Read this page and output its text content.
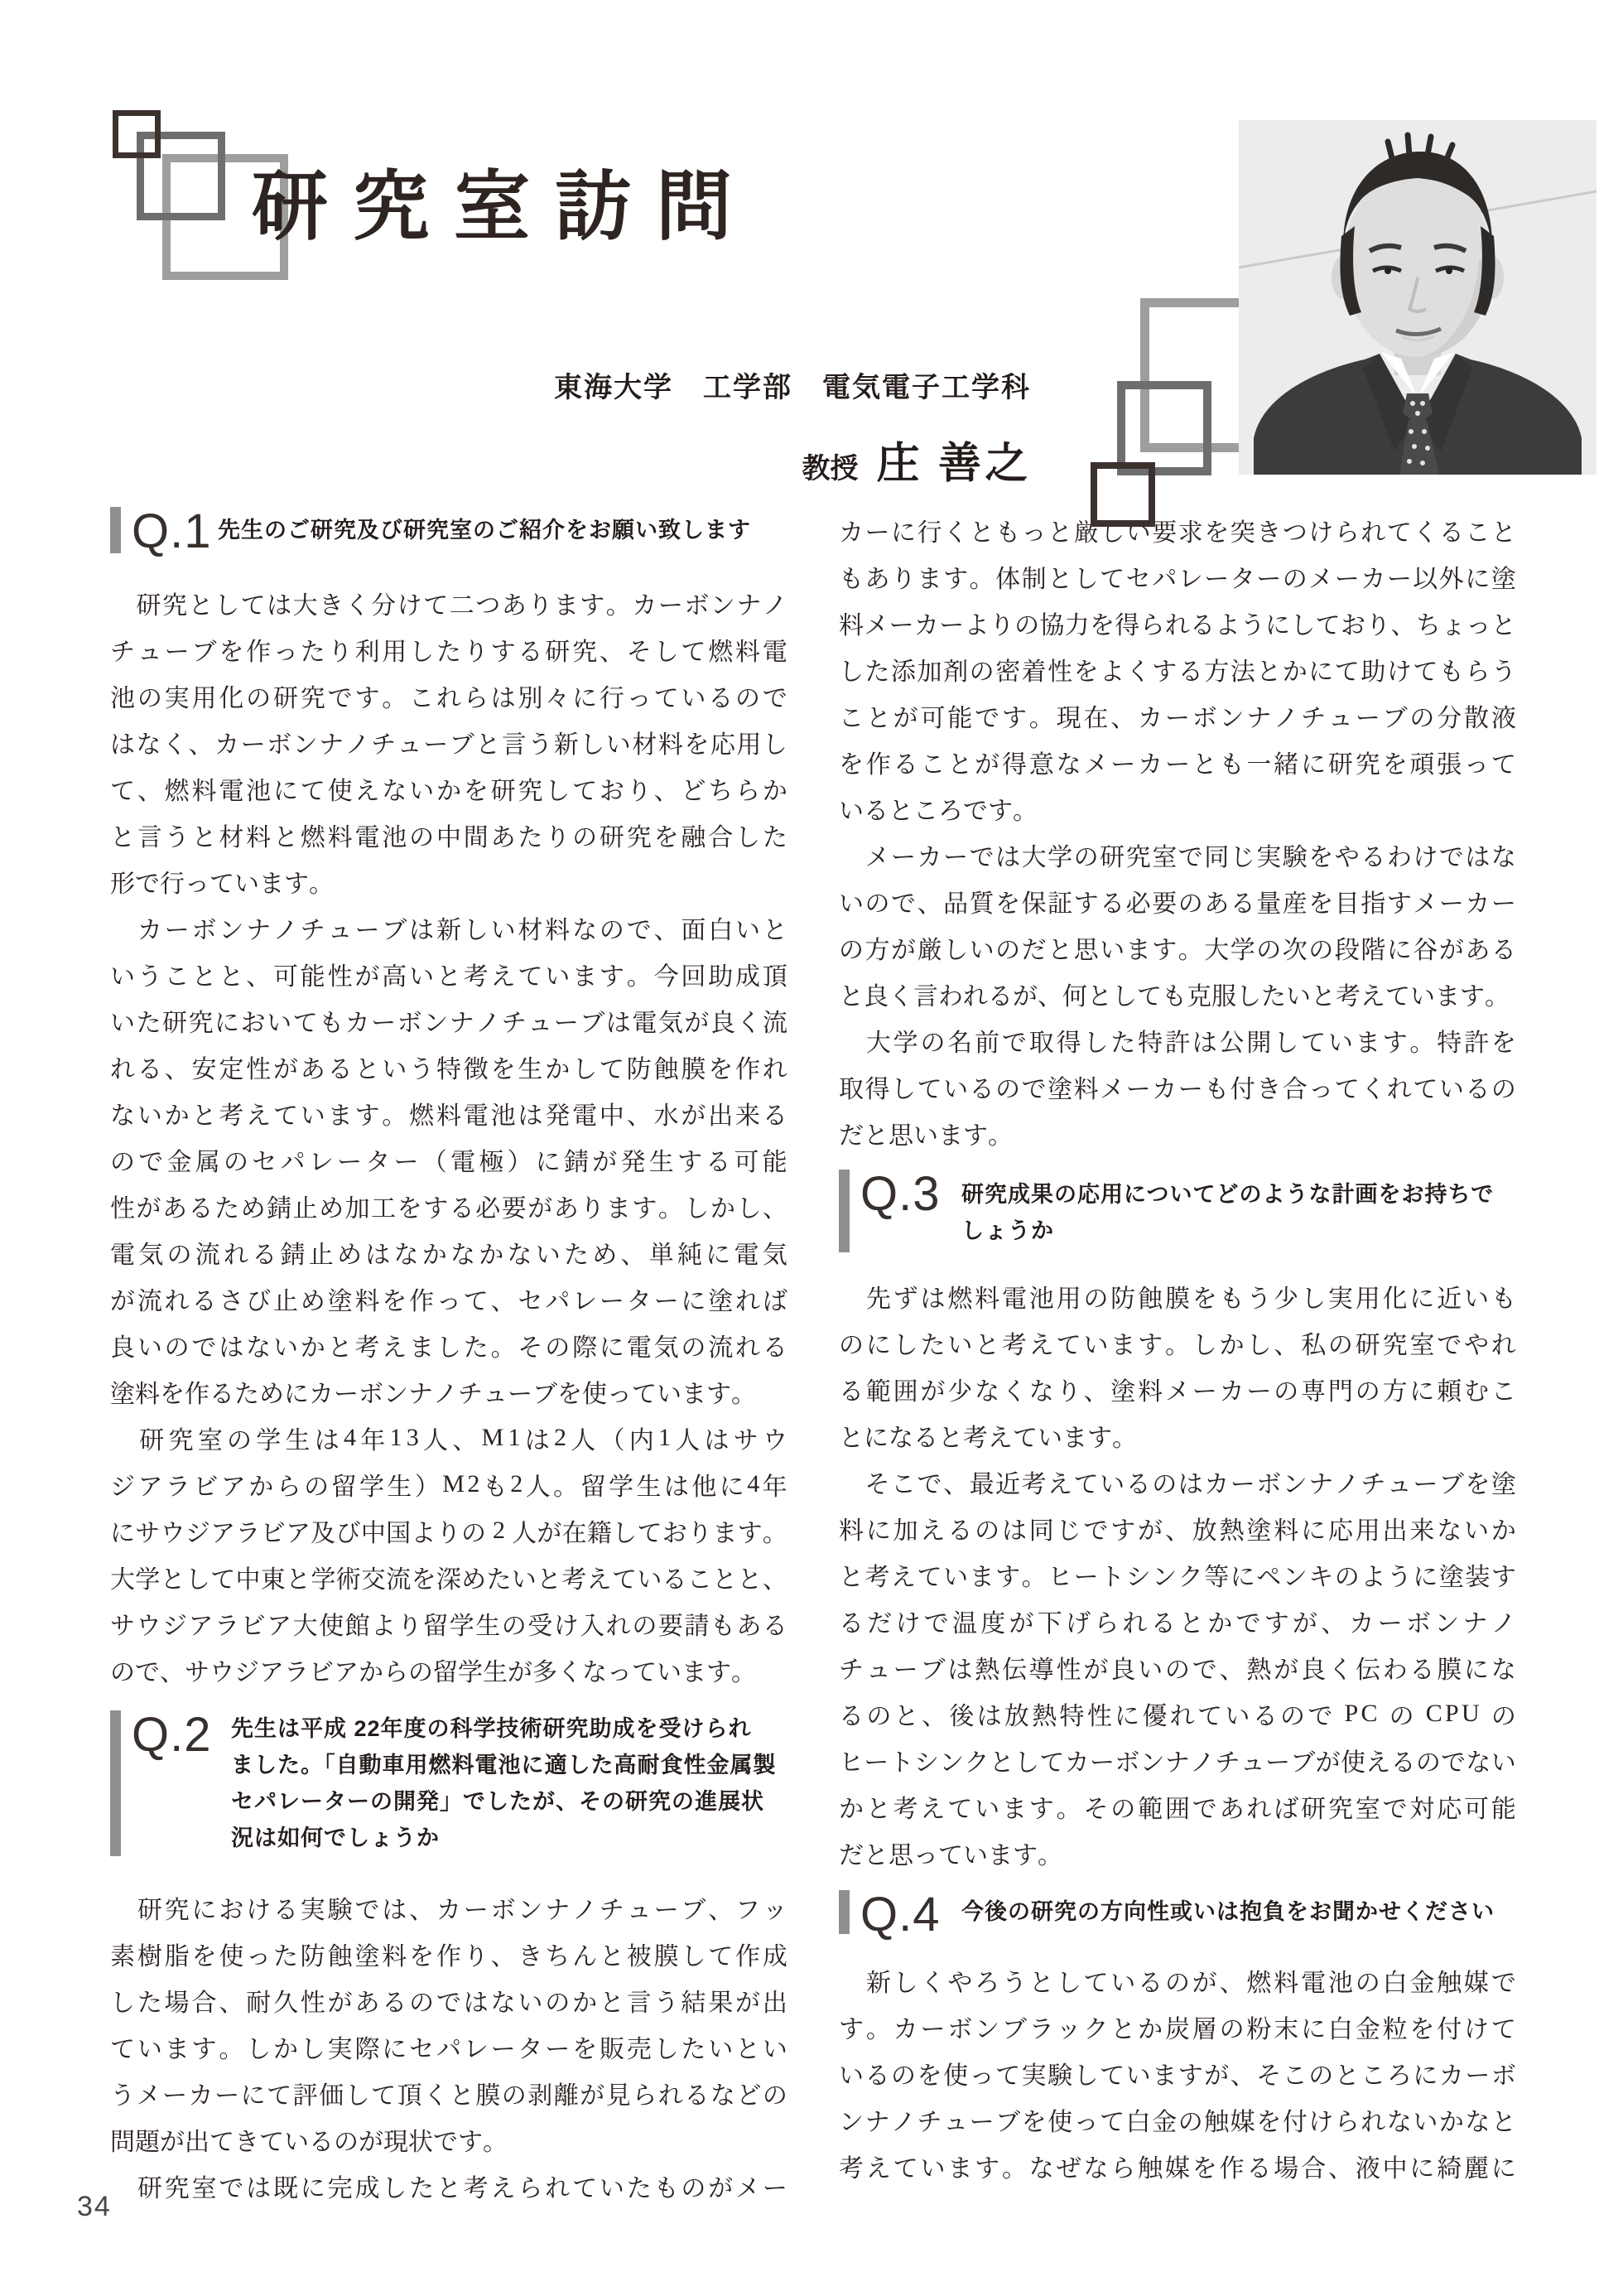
研究室訪問
東海大学　工学部　電気電子工学科
教授 庄 善之
Q.1 先生のご研究及び研究室のご紹介をお願い致します

研 究 と し て は 大 き く 分 け て 二 つ あ り ま す 。 カ ー ボ ン ナ ノ
チ ュ ー ブ を 作 っ た り 利 用 し た り す る 研 究 、 そ し て 燃 料 電
池 の 実 用 化 の 研 究 で す 。 こ れ ら は 別 々 に 行 っ て い る の で
は な く 、 カ ー ボ ン ナ ノ チ ュ ー ブ と 言 う 新 し い 材 料 を 応 用 し
て 、 燃 料 電 池 に て 使 え な い か を 研 究 し て お り 、 ど ち ら か
と 言 う と 材 料 と 燃 料 電 池 の 中 間 あ た り の 研 究 を 融 合 し た
形 で 行 っ て い ま す 。

カ ー ボ ン ナ ノ チ ュ ー ブ は 新 し い 材 料 な の で 、 面 白 い と
い う こ と と 、 可 能 性 が 高 い と 考 え て い ま す 。 今 回 助 成 頂
い た 研 究 に お い て も カ ー ボ ン ナ ノ チ ュ ー ブ は 電 気 が 良 く 流
れ る 、 安 定 性 が あ る と い う 特 徴 を 生 か し て 防 蝕 膜 を 作 れ
な い か と 考 え て い ま す 。 燃 料 電 池 は 発 電 中 、 水 が 出 来 る
の で 金 属 の セ パ レ ー タ ー （ 電 極 ） に 錆 が 発 生 す る 可 能
性 が あ る た め 錆 止 め 加 工 を す る 必 要 が あ り ま す 。 し か し 、
電 気 の 流 れ る 錆 止 め は な か な か な い た め 、 単 純 に 電 気
が 流 れ る さ び 止 め 塗 料 を 作 っ て 、 セ パ レ ー タ ー に 塗 れ ば
良 い の で は な い か と 考 え ま し た 。 そ の 際 に 電 気 の 流 れ る
塗 料 を 作 る た め に カ ー ボ ン ナ ノ チ ュ ー ブ を 使 っ て い ま す 。

研 究 室 の 学 生 は 4 年 1 3 人 、 M 1 は 2 人 （ 内 1 人 は サ ウ
ジ ア ラ ビ ア か ら の 留 学 生 ） M 2 も 2 人 。 留 学 生 は 他 に 4 年
に サ ウ ジ ア ラ ビ ア 及 び 中 国 よ り の
2
人 が 在 籍 し て お り ま す 。
大 学 と し て 中 東 と 学 術 交 流 を 深 め た い と 考 え て い る こ と と 、
サ ウ ジ ア ラ ビ ア 大 使 館 よ り 留 学 生 の 受 け 入 れ の 要 請 も あ る
の で 、 サ ウ ジ ア ラ ビ ア か ら の 留 学 生 が 多 く な っ て い ま す 。
Q.2 先生は平成 22年度の科学技術研究助成を受けられ
ました。「自動車用燃料電池に適した高耐食性金属製
セパレーターの開発」でしたが、その研究の進展状
況は如何でしょうか

研 究 に お け る 実 験 で は 、 カ ー ボ ン ナ ノ チ ュ ー ブ 、 フ ッ
素 樹 脂 を 使 っ た 防 蝕 塗 料 を 作 り 、 き ち ん と 被 膜 し て 作 成
し た 場 合 、 耐 久 性 が あ る の で は な い の か と 言 う 結 果 が 出
て い ま す 。 し か し 実 際 に セ パ レ ー タ ー を 販 売 し た い と い
う メ ー カ ー に て 評 価 し て 頂 く と 膜 の 剥 離 が 見 ら れ る な ど の
問 題 が 出 て き て い る の が 現 状 で す 。

研 究 室 で は 既 に 完 成 し た と 考 え ら れ て い た も の が メ ー
カ ー に 行 く と も っ と 厳 し い 要 求 を 突 き つ け ら れ て く る こ と
も あ り ま す 。 体 制 と し て セ パ レ ー タ ー の メ ー カ ー 以 外 に 塗
料 メ ー カ ー よ り の 協 力 を 得 ら れ る よ う に し て お り 、 ち ょ っ と
し た 添 加 剤 の 密 着 性 を よ く す る 方 法 と か に て 助 け て も ら う
こ と が 可 能 で す 。 現 在 、 カ ー ボ ン ナ ノ チ ュ ー ブ の 分 散 液
を 作 る こ と が 得 意 な メ ー カ ー と も 一 緒 に 研 究 を 頑 張 っ て
い る と こ ろ で す 。

メ ー カ ー で は 大 学 の 研 究 室 で 同 じ 実 験 を や る わ け で は な
い の で 、 品 質 を 保 証 す る 必 要 の あ る 量 産 を 目 指 す メ ー カ ー
の 方 が 厳 し い の だ と 思 い ま す 。 大 学 の 次 の 段 階 に 谷 が あ る
と 良 く 言 わ れ る が 、 何 と し て も 克 服 し た い と 考 え て い ま す 。

大 学 の 名 前 で 取 得 し た 特 許 は 公 開 し て い ま す 。 特 許 を
取 得 し て い る の で 塗 料 メ ー カ ー も 付 き 合 っ て く れ て い る の
だ と 思 い ま す 。
Q.3 研究成果の応用についてどのような計画をお持ちで
しょうか

先 ず は 燃 料 電 池 用 の 防 蝕 膜 を も う 少 し 実 用 化 に 近 い も
の に し た い と 考 え て い ま す 。 し か し 、 私 の 研 究 室 で や れ
る 範 囲 が 少 な く な り 、 塗 料 メ ー カ ー の 専 門 の 方 に 頼 む こ
と に な る と 考 え て い ま す 。

そ こ で 、 最 近 考 え て い る の は カ ー ボ ン ナ ノ チ ュ ー ブ を 塗
料 に 加 え る の は 同 じ で す が 、 放 熱 塗 料 に 応 用 出 来 な い か
と 考 え て い ま す 。 ヒ ー ト シ ン ク 等 に ペ ン キ の よ う に 塗 装 す
る だ け で 温 度 が 下 げ ら れ る と か で す が 、 カ ー ボ ン ナ ノ
チ ュ ー ブ は 熱 伝 導 性 が 良 い の で 、 熱 が 良 く 伝 わ る 膜 に な
る の と 、 後 は 放 熱 特 性 に 優 れ て い る の で
P C
の
C P U
の
ヒ ー ト シ ン ク と し て カ ー ボ ン ナ ノ チ ュ ー ブ が 使 え る の で な い
か と 考 え て い ま す 。 そ の 範 囲 で あ れ ば 研 究 室 で 対 応 可 能
だ と 思 っ て い ま す 。
Q.4 今後の研究の方向性或いは抱負をお聞かせください

新 し く や ろ う と し て い る の が 、 燃 料 電 池 の 白 金 触 媒 で
す 。 カ ー ボ ン ブ ラ ッ ク と か 炭 層 の 粉 末 に 白 金 粒 を 付 け て
い る の を 使 っ て 実 験 し て い ま す が 、 そ こ の と こ ろ に カ ー ボ
ン ナ ノ チ ュ ー ブ を 使 っ て 白 金 の 触 媒 を 付 け ら れ な い か な と
考 え て い ま す 。 な ぜ な ら 触 媒 を 作 る 場 合 、 液 中 に 綺 麗 に
34
